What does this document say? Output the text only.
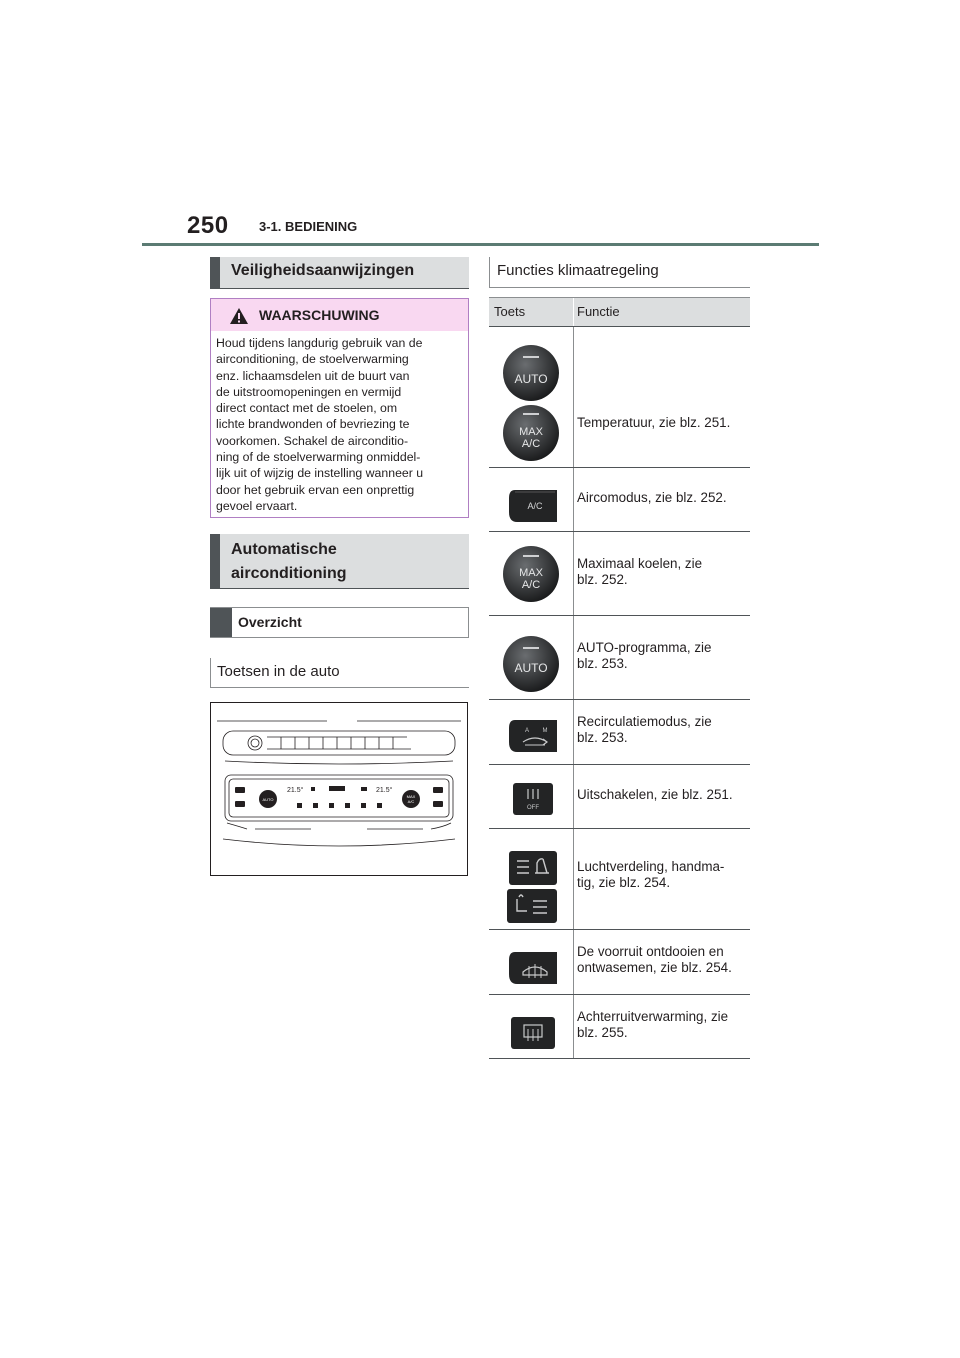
250 3-1. BEDIENING
Veiligheidsaanwijzingen
WAARSCHUWING
Houd tijdens langdurig gebruik van de
airconditioning, de stoelverwarming
enz. lichaamsdelen uit de buurt van
de uitstroomopeningen en vermijd
direct contact met de stoelen, om
lichte brandwonden of bevriezing te
voorkomen. Schakel de airconditio-
ning of de stoelverwarming onmiddel-
lijk uit of wijzig de instelling wanneer u
door het gebruik ervan een onprettig
gevoel ervaart.
Automatische
airconditioning
Overzicht
Toetsen in de auto
21.5°	21.5°
AUTO
MAX
A/C
Functies klimaatregeling
Toets	Functie
AUTO
MAX
A/C
Temperatuur, zie blz. 251.
A/C
Aircomodus, zie blz. 252.
MAX
A/C
Maximaal koelen, zie
blz. 252.
AUTO
AUTO-programma, zie
blz. 253.
A M
Recirculatiemodus, zie
blz. 253.
OFF
Uitschakelen, zie blz. 251.
Luchtverdeling, handma-
tig, zie blz. 254.
De voorruit ontdooien en
ontwasemen, zie blz. 254.
Achterruitverwarming, zie
blz. 255.
